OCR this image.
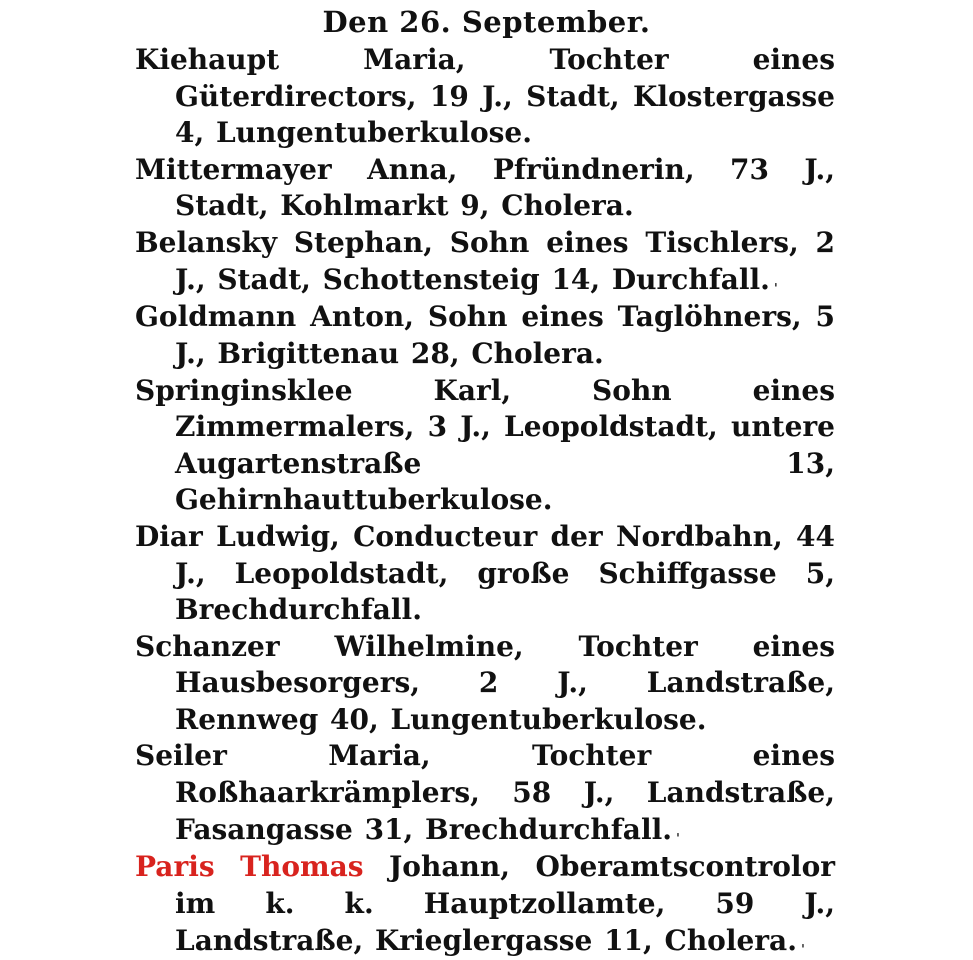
Den 26. September.

Kiehaupt Maria, Tochter eines Güterdirectors, 19 J., Stadt, Klostergasse 4, Lungentuberkulose.

Mittermayer Anna, Pfründnerin, 73 J., Stadt, Kohlmarkt 9, Cholera.

Belansky Stephan, Sohn eines Tischlers, 2 J., Stadt, Schottensteig 14, Durchfall. ˌ

Goldmann Anton, Sohn eines Taglöhners, 5 J., Brigittenau 28, Cholera.

Springinsklee Karl, Sohn eines Zimmermalers, 3 J., Leopoldstadt, untere Augartenstraße 13, Gehirnhauttuberkulose.

Diar Ludwig, Conducteur der Nordbahn, 44 J., Leopoldstadt, große Schiffgasse 5, Brechdurchfall.

Schanzer Wilhelmine, Tochter eines Hausbesorgers, 2 J., Landstraße, Rennweg 40, Lungentuberkulose.

Seiler Maria, Tochter eines Roßhaarkrämplers, 58 J., Landstraße, Fasangasse 31, Brechdurchfall. ˌ

Paris Thomas Johann, Oberamtscontrolor im k. k. Hauptzollamte, 59 J., Landstraße, Krieglergasse 11, Cholera. ˌ
